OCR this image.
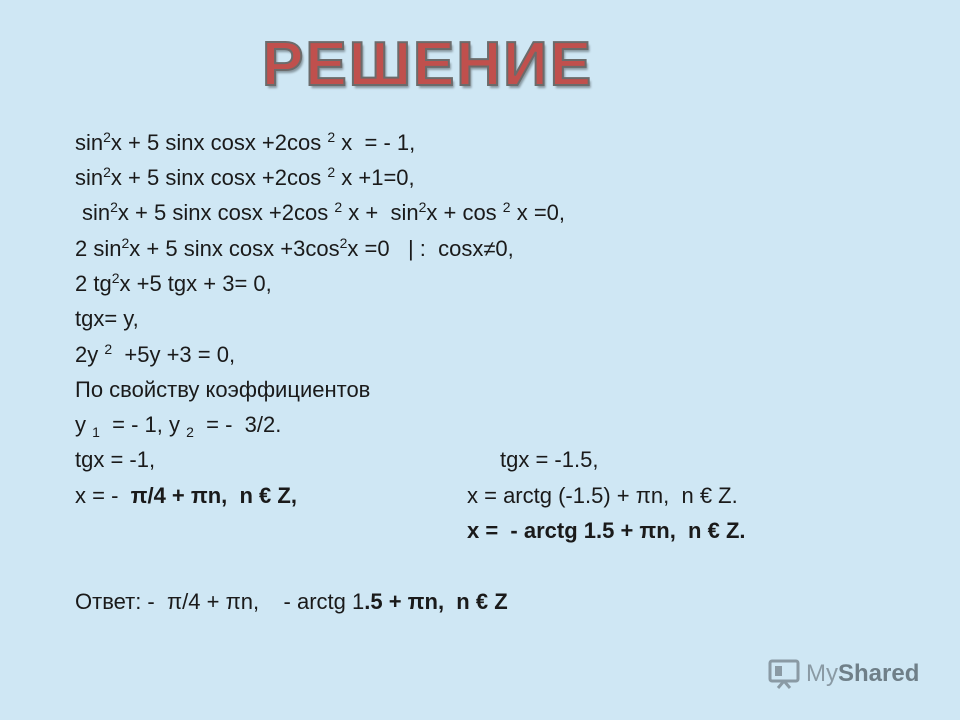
РЕШЕНИЕ
$\sin^2x + 5$ sinx cosx +2cos $^2$ x  = - 1,
$\sin^2x + 5$ sinx cosx +2cos $^2$ x +1=0,
$\sin^2x + 5$ sinx cosx +2cos $^2$ $x + \sin^2x + \cos ^2$ x =0,
2 $\sin^2x + 5$ sinx $\cos x +3\cos^2x =0$   | :  cosx≠0,
2 $tg^2x +5$ tgx + 3= 0,
tgx= y,
2y $^2$  +5y +3 = 0,
По свойству коэффициентов
y $_1$  = - 1, y $_2$  = -  3/2.
tgx = -1,	tgx = -1.5,
x = -  π/4 + πn,  n € Z,	x = arctg (-1.5) + πn,  n € Z.
x =  - arctg 1.5 + πn,  n € Z.
Ответ: -  π/4 + πn,    - arctg 1.5 + πn,  n € Z
MyShared
